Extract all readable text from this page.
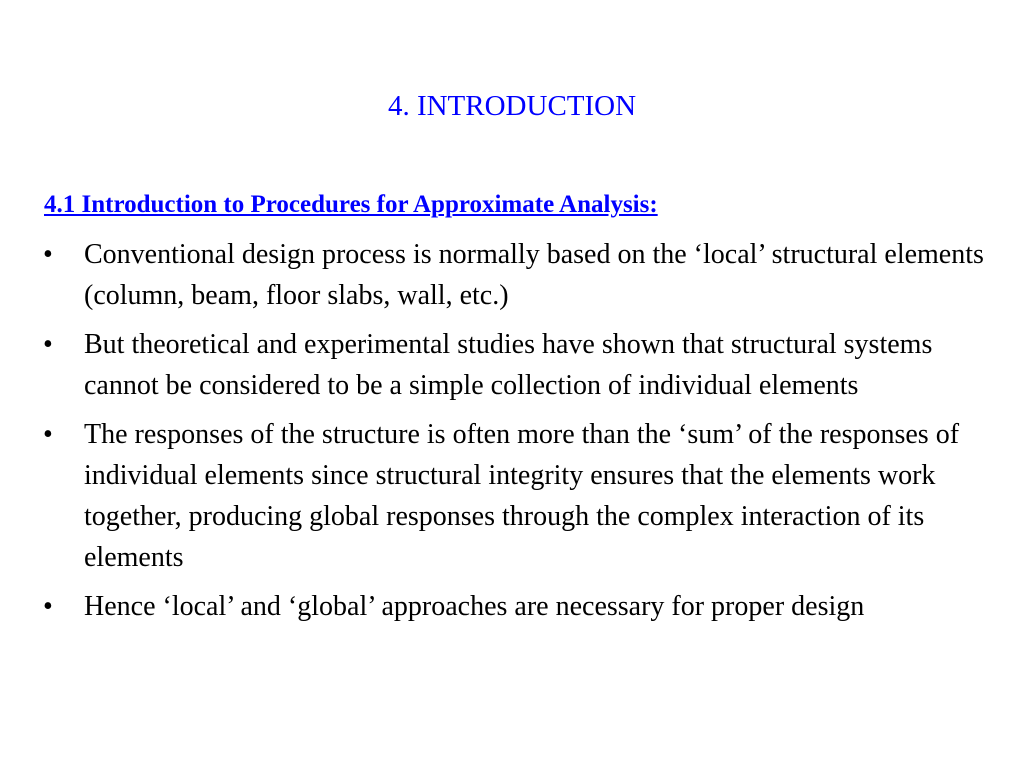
4. INTRODUCTION
4.1 Introduction to Procedures for Approximate Analysis:
• Conventional design process is normally based on the ‘local’ structural elements (column, beam, floor slabs, wall, etc.)
• But theoretical and experimental studies have shown that structural systems cannot be considered to be a simple collection of individual elements
• The responses of the structure is often more than the ‘sum’ of the responses of individual elements since structural integrity ensures that the elements work together, producing global responses through the complex interaction of its elements
• Hence ‘local’ and ‘global’ approaches are necessary for proper design
